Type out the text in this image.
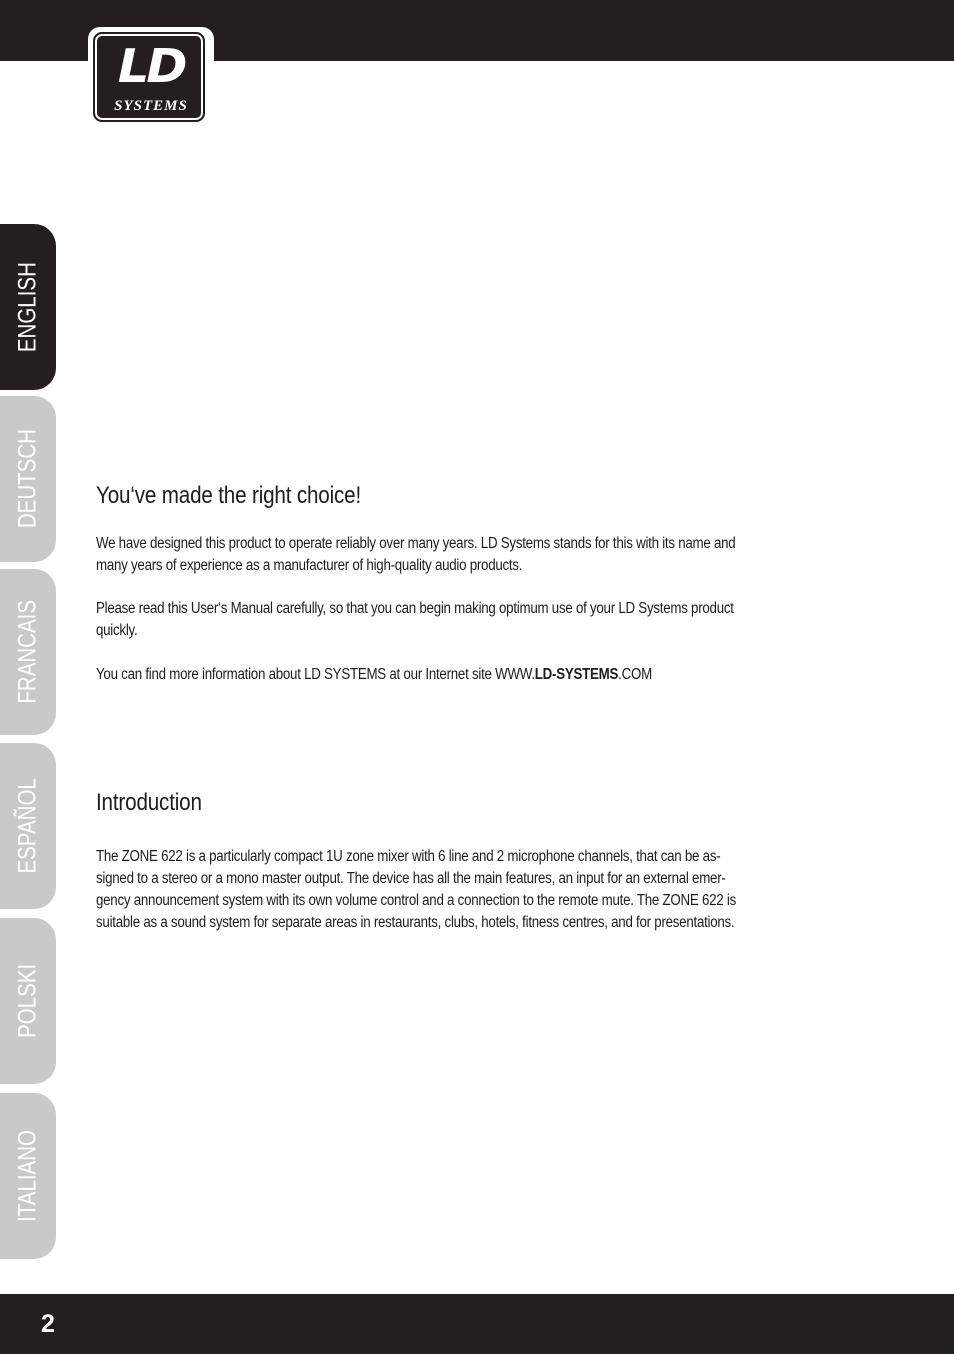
LD
SYSTEMS
ENGLISH
DEUTSCH
FRANCAIS
ESPAÑOL
POLSKI
ITALIANO
You‘ve made the right choice!

We have designed this product to operate reliably over many years. LD Systems stands for this with its name and
many years of experience as a manufacturer of high-quality audio products.

Please read this User‘s Manual carefully, so that you can begin making optimum use of your LD Systems product
quickly.

You can find more information about LD SYSTEMS at our Internet site WWW.LD-SYSTEMS.COM

Introduction

The ZONE 622 is a particularly compact 1U zone mixer with 6 line and 2 microphone channels, that can be as-
signed to a stereo or a mono master output. The device has all the main features, an input for an external emer-
gency announcement system with its own volume control and a connection to the remote mute. The ZONE 622 is
suitable as a sound system for separate areas in restaurants, clubs, hotels, fitness centres, and for presentations.

2
